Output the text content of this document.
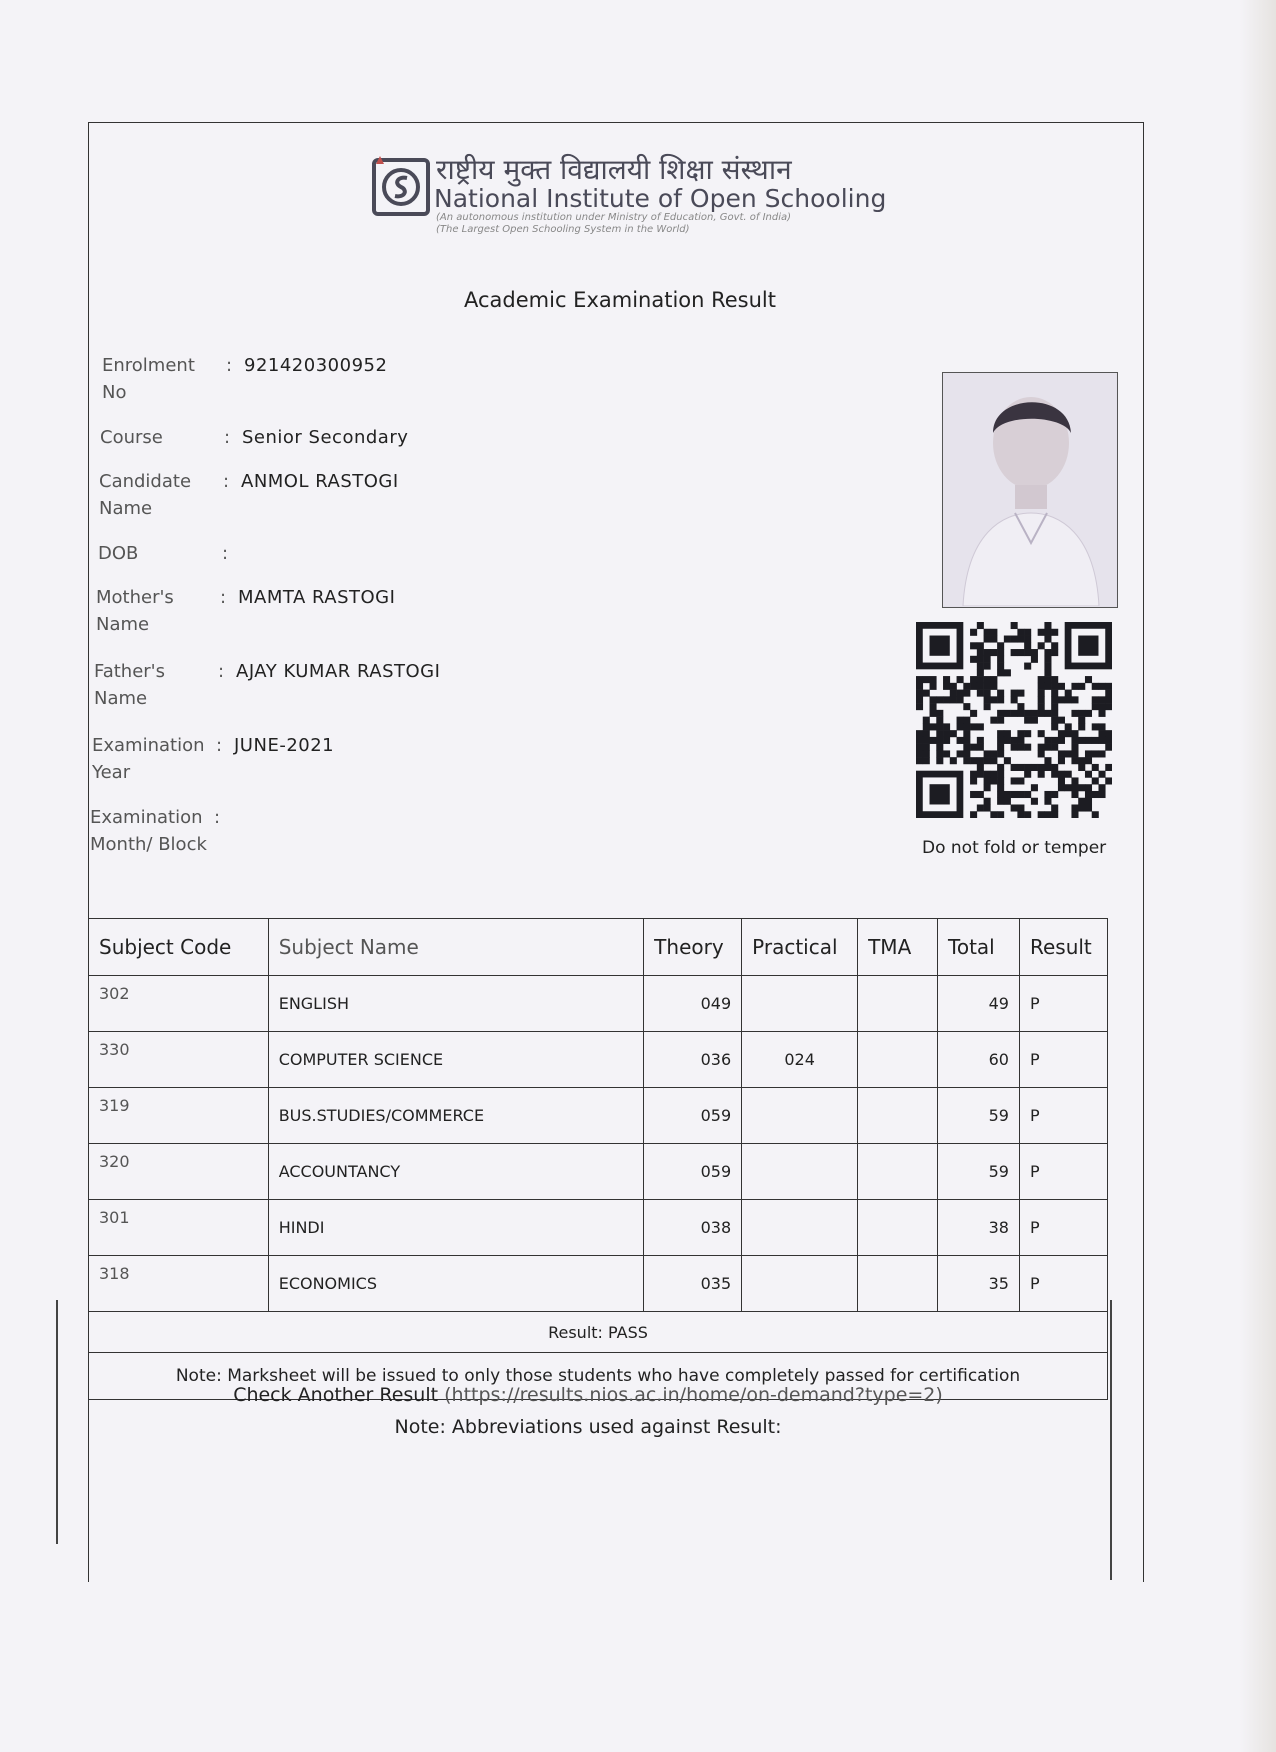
राष्ट्रीय मुक्त विद्यालयी शिक्षा संस्थान
National Institute of Open Schooling
(An autonomous institution under Ministry of Education, Govt. of India)
(The Largest Open Schooling System in the World)
Academic Examination Result
Enrolment No
: 921420300952
Course	: Senior Secondary
Candidate Name
: ANMOL RASTOGI
DOB	:
Mother's Name
: MAMTA RASTOGI
Father's Name
: AJAY KUMAR RASTOGI
Examination Year
: JUNE-2021
Examination Month/ Block
:
Do not fold or temper
Subject Code	Subject Name	Theory	Practical	TMA	Total	Result
302	ENGLISH	049			49	P
330	COMPUTER SCIENCE	036	024		60	P
319	BUS.STUDIES/COMMERCE	059			59	P
320	ACCOUNTANCY	059			59	P
301	HINDI	038			38	P
318	ECONOMICS	035			35	P
Result: PASS						
Note: Marksheet will be issued to only those students who have completely passed for certification						
Check Another Result (https://results.nios.ac.in/home/on-demand?type=2)
Note: Abbreviations used against Result:
